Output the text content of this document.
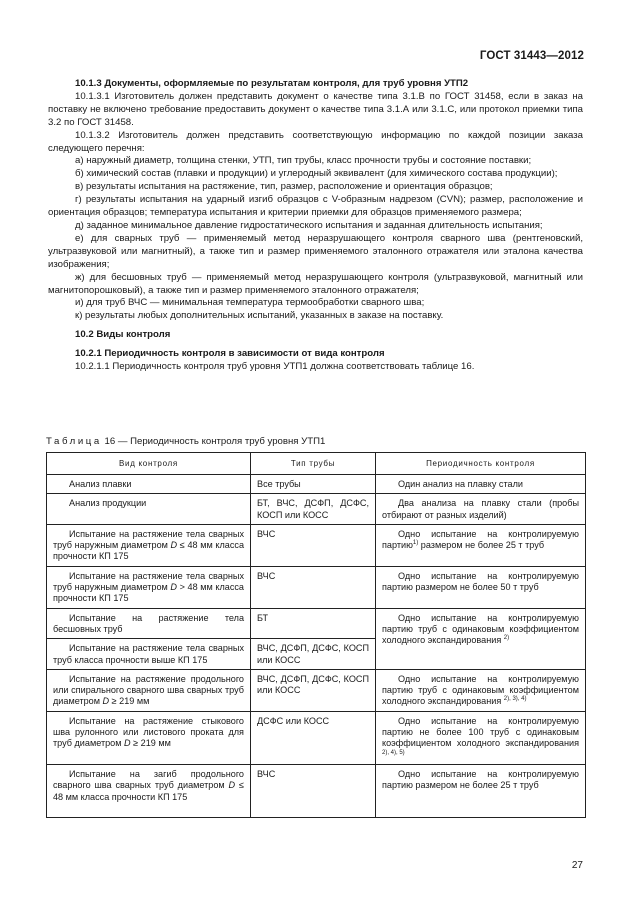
ГОСТ 31443—2012

10.1.3 Документы, оформляемые по результатам контроля, для труб уровня УТП2

10.1.3.1 Изготовитель должен представить документ о качестве типа 3.1.В по ГОСТ 31458, если в заказ на поставку не включено требование предоставить документ о качестве типа 3.1.А или 3.1.С, или протокол приемки типа 3.2 по ГОСТ 31458.

10.1.3.2 Изготовитель должен представить соответствующую информацию по каждой позиции заказа следующего перечня:

а) наружный диаметр, толщина стенки, УТП, тип трубы, класс прочности трубы и состояние поставки;

б) химический состав (плавки и продукции) и углеродный эквивалент (для химического состава продукции);

в) результаты испытания на растяжение, тип, размер, расположение и ориентация образцов;

г) результаты испытания на ударный изгиб образцов с V-образным надрезом (CVN); размер, расположение и ориентация образцов; температура испытания и критерии приемки для образцов применяемого размера;

д) заданное минимальное давление гидростатического испытания и заданная длительность испытания;

е) для сварных труб — применяемый метод неразрушающего контроля сварного шва (рентгеновский, ультразвуковой или магнитный), а также тип и размер применяемого эталонного отражателя или эталона качества изображения;

ж) для бесшовных труб — применяемый метод неразрушающего контроля (ультразвуковой, магнитный или магнитопорошковый), а также тип и размер применяемого эталонного отражателя;

и) для труб ВЧС — минимальная температура термообработки сварного шва;

к) результаты любых дополнительных испытаний, указанных в заказе на поставку.

10.2 Виды контроля

10.2.1 Периодичность контроля в зависимости от вида контроля

10.2.1.1 Периодичность контроля труб уровня УТП1 должна соответствовать таблице 16.

Таблица 16 — Периодичность контроля труб уровня УТП1
Вид контроля	Тип трубы	Периодичность контроля
Анализ плавки	Все трубы	Один анализ на плавку стали
Анализ продукции	БТ, ВЧС, ДСФП, ДСФС, КОСП или КОСС	Два анализа на плавку стали (пробы отбирают от разных изделий)
Испытание на растяжение тела сварных труб наружным диаметром D ≤ 48 мм класса прочности КП 175	ВЧС	Одно испытание на контролируемую партию$^{1)}$ размером не более 25 т труб
Испытание на растяжение тела сварных труб наружным диаметром D > 48 мм класса прочности КП 175	ВЧС	Одно испытание на контролируемую партию размером не более 50 т труб
Испытание на растяжение тела бесшовных труб	БТ	Одно испытание на контролируемую партию труб с одинаковым коэффициентом холодного экспандирования $^{2)}$
Испытание на растяжение тела сварных труб класса прочности выше КП 175	ВЧС, ДСФП, ДСФС, КОСП или КОСС	
Испытание на растяжение продольного или спирального сварного шва сварных труб диаметром D ≥ 219 мм	ВЧС, ДСФП, ДСФС, КОСП или КОСС	Одно испытание на контролируемую партию труб с одинаковым коэффициентом холодного экспандирования $^{2), 3), 4)}$
Испытание на растяжение стыкового шва рулонного или листового проката для труб диаметром D ≥ 219 мм	ДСФС или КОСС	Одно испытание на контролируемую партию не более 100 труб с одинаковым коэффициентом холодного экспандирования $^{2), 4), 5)}$
Испытание на загиб продольного сварного шва сварных труб диаметром D ≤ 48 мм класса прочности КП 175	ВЧС	Одно испытание на контролируемую партию размером не более 25 т труб
27
